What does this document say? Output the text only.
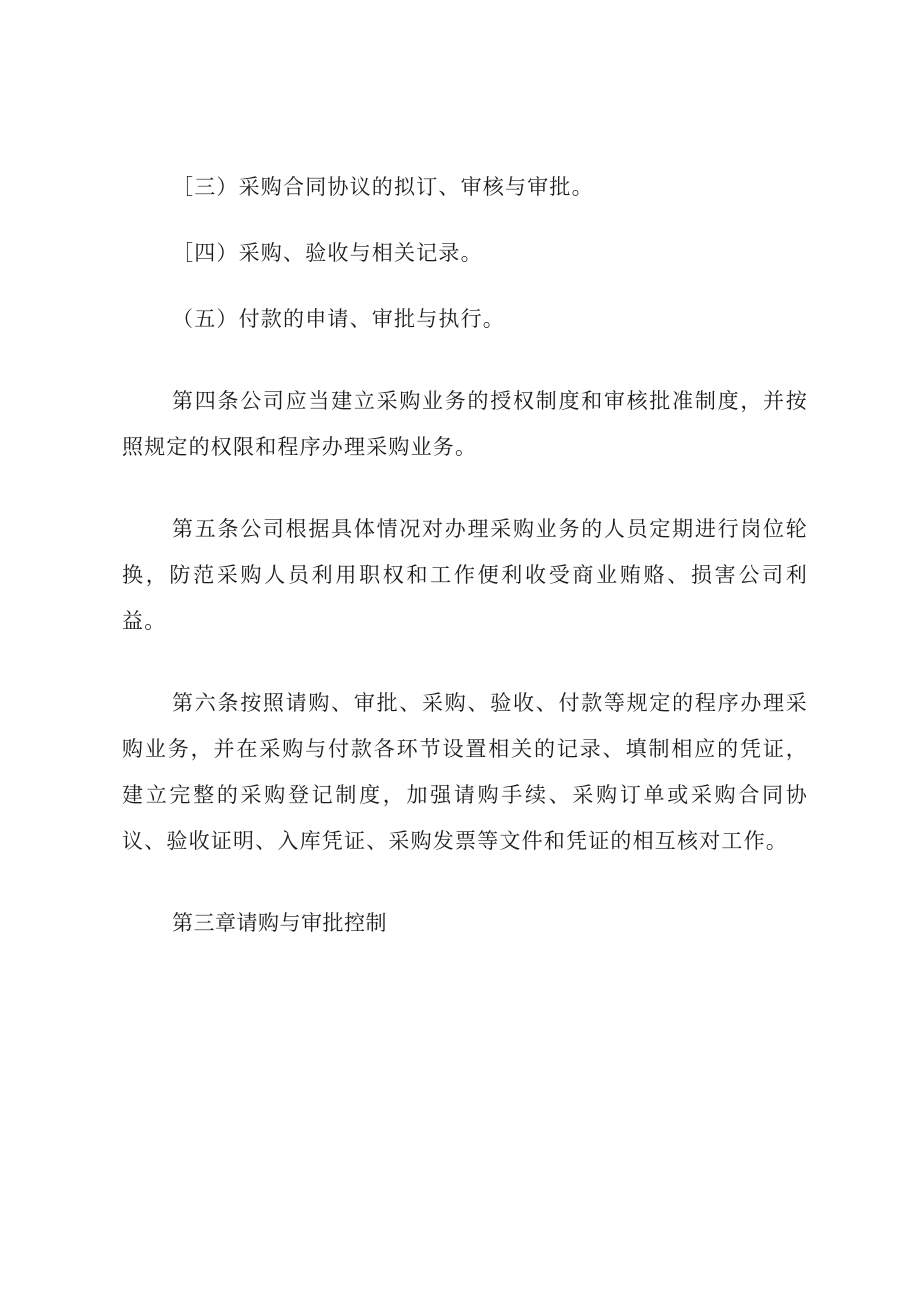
［三）采购合同协议的拟订、审核与审批。

［四）采购、验收与相关记录。

（五）付款的申请、审批与执行。

第四条公司应当建立采购业务的授权制度和审核批准制度，并按照规定的权限和程序办理采购业务。

第五条公司根据具体情况对办理采购业务的人员定期进行岗位轮换，防范采购人员利用职权和工作便利收受商业贿赂、损害公司利益。

第六条按照请购、审批、采购、验收、付款等规定的程序办理采购业务，并在采购与付款各环节设置相关的记录、填制相应的凭证，建立完整的采购登记制度，加强请购手续、采购订单或采购合同协议、验收证明、入库凭证、采购发票等文件和凭证的相互核对工作。

第三章请购与审批控制
